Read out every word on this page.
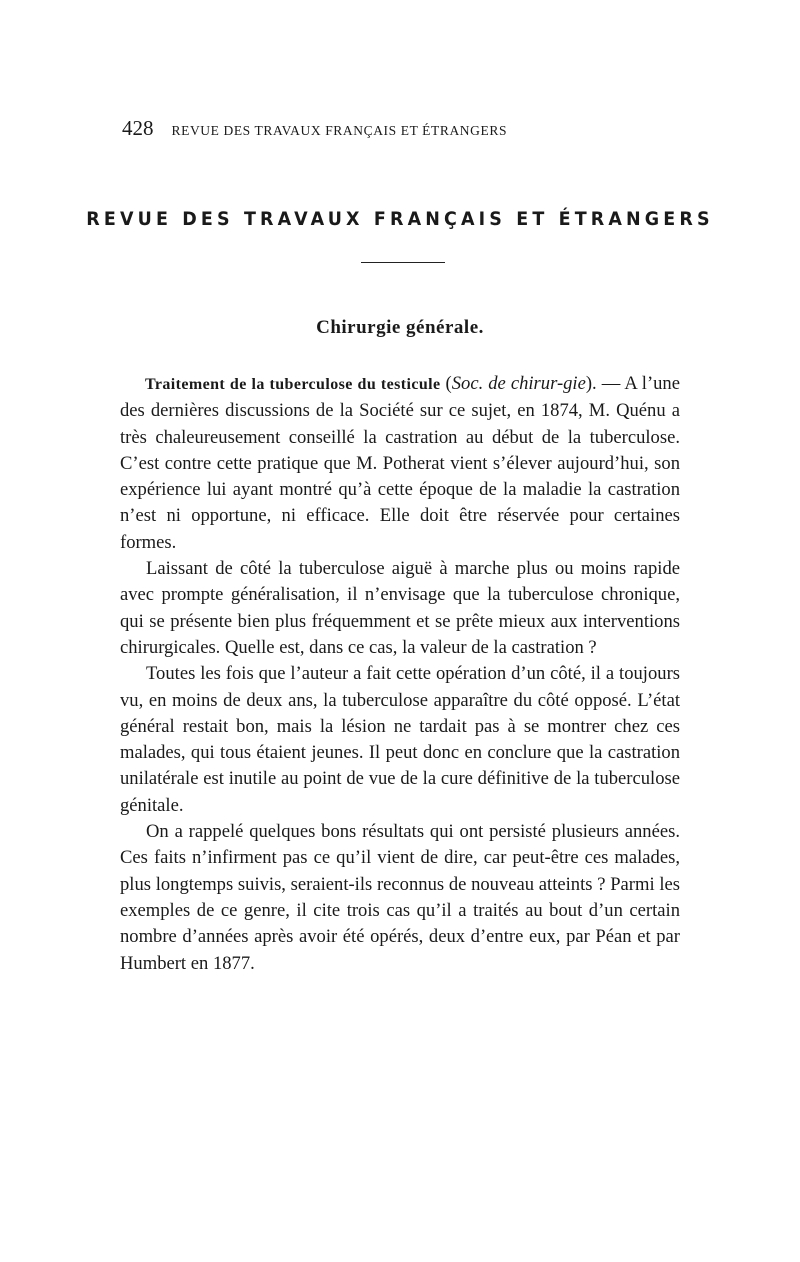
428 REVUE DES TRAVAUX FRANÇAIS ET ÉTRANGERS
REVUE DES TRAVAUX FRANÇAIS ET ÉTRANGERS
Chirurgie générale.

Traitement de la tuberculose du testicule (Soc. de chirur-gie). — A l’une des dernières discussions de la Société sur ce sujet, en 1874, M. Quénu a très chaleureusement conseillé la castration au début de la tuberculose. C’est contre cette pratique que M. Potherat vient s’élever aujourd’hui, son expérience lui ayant montré qu’à cette époque de la maladie la castration n’est ni opportune, ni efficace. Elle doit être réservée pour certaines formes.

Laissant de côté la tuberculose aiguë à marche plus ou moins rapide avec prompte généralisation, il n’envisage que la tuberculose chronique, qui se présente bien plus fréquemment et se prête mieux aux interventions chirurgicales. Quelle est, dans ce cas, la valeur de la castration ?

Toutes les fois que l’auteur a fait cette opération d’un côté, il a toujours vu, en moins de deux ans, la tuberculose apparaître du côté opposé. L’état général restait bon, mais la lésion ne tardait pas à se montrer chez ces malades, qui tous étaient jeunes. Il peut donc en conclure que la castration unilatérale est inutile au point de vue de la cure définitive de la tuberculose génitale.

On a rappelé quelques bons résultats qui ont persisté plusieurs années. Ces faits n’infirment pas ce qu’il vient de dire, car peut-être ces malades, plus longtemps suivis, seraient-ils reconnus de nouveau atteints ? Parmi les exemples de ce genre, il cite trois cas qu’il a traités au bout d’un certain nombre d’années après avoir été opérés, deux d’entre eux, par Péan et par Humbert en 1877.
